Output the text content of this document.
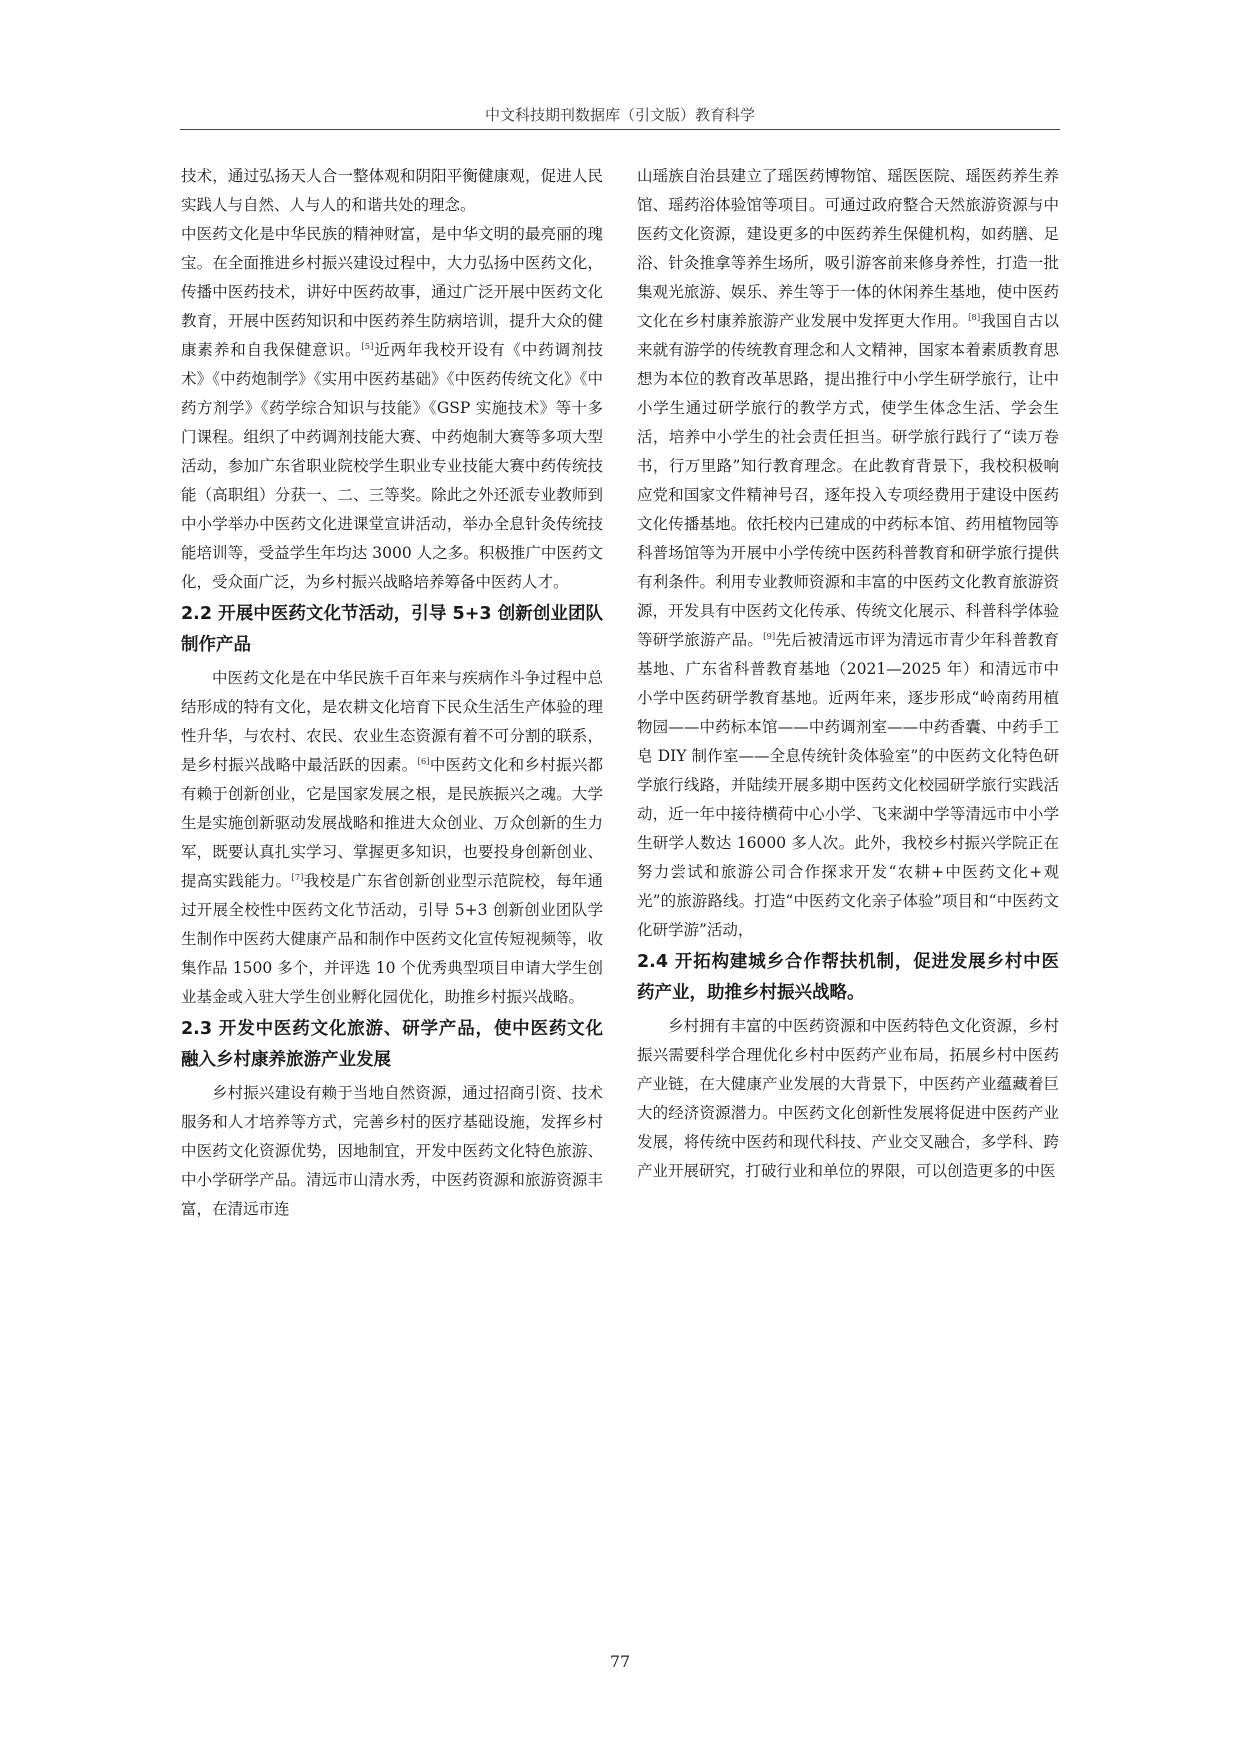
中文科技期刊数据库（引文版）教育科学

技术，通过弘扬天人合一整体观和阴阳平衡健康观，促进人民实践人与自然、人与人的和谐共处的理念。

中医药文化是中华民族的精神财富，是中华文明的最亮丽的瑰宝。在全面推进乡村振兴建设过程中，大力弘扬中医药文化，传播中医药技术，讲好中医药故事，通过广泛开展中医药文化教育，开展中医药知识和中医药养生防病培训，提升大众的健康素养和自我保健意识。[5]近两年我校开设有《中药调剂技术》《中药炮制学》《实用中医药基础》《中医药传统文化》《中药方剂学》《药学综合知识与技能》《GSP 实施技术》等十多门课程。组织了中药调剂技能大赛、中药炮制大赛等多项大型活动，参加广东省职业院校学生职业专业技能大赛中药传统技能（高职组）分获一、二、三等奖。除此之外还派专业教师到中小学举办中医药文化进课堂宣讲活动，举办全息针灸传统技能培训等，受益学生年均达 3000 人之多。积极推广中医药文化，受众面广泛，为乡村振兴战略培养筹备中医药人才。

2.2 开展中医药文化节活动，引导 5+3 创新创业团队制作产品

中医药文化是在中华民族千百年来与疾病作斗争过程中总结形成的特有文化，是农耕文化培育下民众生活生产体验的理性升华，与农村、农民、农业生态资源有着不可分割的联系，是乡村振兴战略中最活跃的因素。[6]中医药文化和乡村振兴都有赖于创新创业，它是国家发展之根，是民族振兴之魂。大学生是实施创新驱动发展战略和推进大众创业、万众创新的生力军，既要认真扎实学习、掌握更多知识，也要投身创新创业、提高实践能力。[7]我校是广东省创新创业型示范院校，每年通过开展全校性中医药文化节活动，引导 5+3 创新创业团队学生制作中医药大健康产品和制作中医药文化宣传短视频等，收集作品 1500 多个，并评选 10 个优秀典型项目申请大学生创业基金或入驻大学生创业孵化园优化，助推乡村振兴战略。

2.3 开发中医药文化旅游、研学产品，使中医药文化融入乡村康养旅游产业发展

乡村振兴建设有赖于当地自然资源，通过招商引资、技术服务和人才培养等方式，完善乡村的医疗基础设施，发挥乡村中医药文化资源优势，因地制宜，开发中医药文化特色旅游、中小学研学产品。清远市山清水秀，中医药资源和旅游资源丰富，在清远市连

山瑶族自治县建立了瑶医药博物馆、瑶医医院、瑶医药养生养馆、瑶药浴体验馆等项目。可通过政府整合天然旅游资源与中医药文化资源，建设更多的中医药养生保健机构，如药膳、足浴、针灸推拿等养生场所，吸引游客前来修身养性，打造一批集观光旅游、娱乐、养生等于一体的休闲养生基地，使中医药文化在乡村康养旅游产业发展中发挥更大作用。[8]我国自古以来就有游学的传统教育理念和人文精神，国家本着素质教育思想为本位的教育改革思路，提出推行中小学生研学旅行，让中小学生通过研学旅行的教学方式，使学生体念生活、学会生活，培养中小学生的社会责任担当。研学旅行践行了“读万卷书，行万里路”知行教育理念。在此教育背景下，我校积极响应党和国家文件精神号召，逐年投入专项经费用于建设中医药文化传播基地。依托校内已建成的中药标本馆、药用植物园等科普场馆等为开展中小学传统中医药科普教育和研学旅行提供有利条件。利用专业教师资源和丰富的中医药文化教育旅游资源，开发具有中医药文化传承、传统文化展示、科普科学体验等研学旅游产品。[9]先后被清远市评为清远市青少年科普教育基地、广东省科普教育基地（2021—2025 年）和清远市中小学中医药研学教育基地。近两年来，逐步形成“岭南药用植物园——中药标本馆——中药调剂室——中药香囊、中药手工皂 DIY 制作室——全息传统针灸体验室”的中医药文化特色研学旅行线路，并陆续开展多期中医药文化校园研学旅行实践活动，近一年中接待横荷中心小学、飞来湖中学等清远市中小学生研学人数达 16000 多人次。此外，我校乡村振兴学院正在努力尝试和旅游公司合作探求开发“农耕+中医药文化+观光”的旅游路线。打造“中医药文化亲子体验”项目和“中医药文化研学游”活动，

2.4 开拓构建城乡合作帮扶机制，促进发展乡村中医药产业，助推乡村振兴战略。

乡村拥有丰富的中医药资源和中医药特色文化资源，乡村振兴需要科学合理优化乡村中医药产业布局，拓展乡村中医药产业链，在大健康产业发展的大背景下，中医药产业蕴藏着巨大的经济资源潜力。中医药文化创新性发展将促进中医药产业发展，将传统中医药和现代科技、产业交叉融合，多学科、跨产业开展研究，打破行业和单位的界限，可以创造更多的中医

77
